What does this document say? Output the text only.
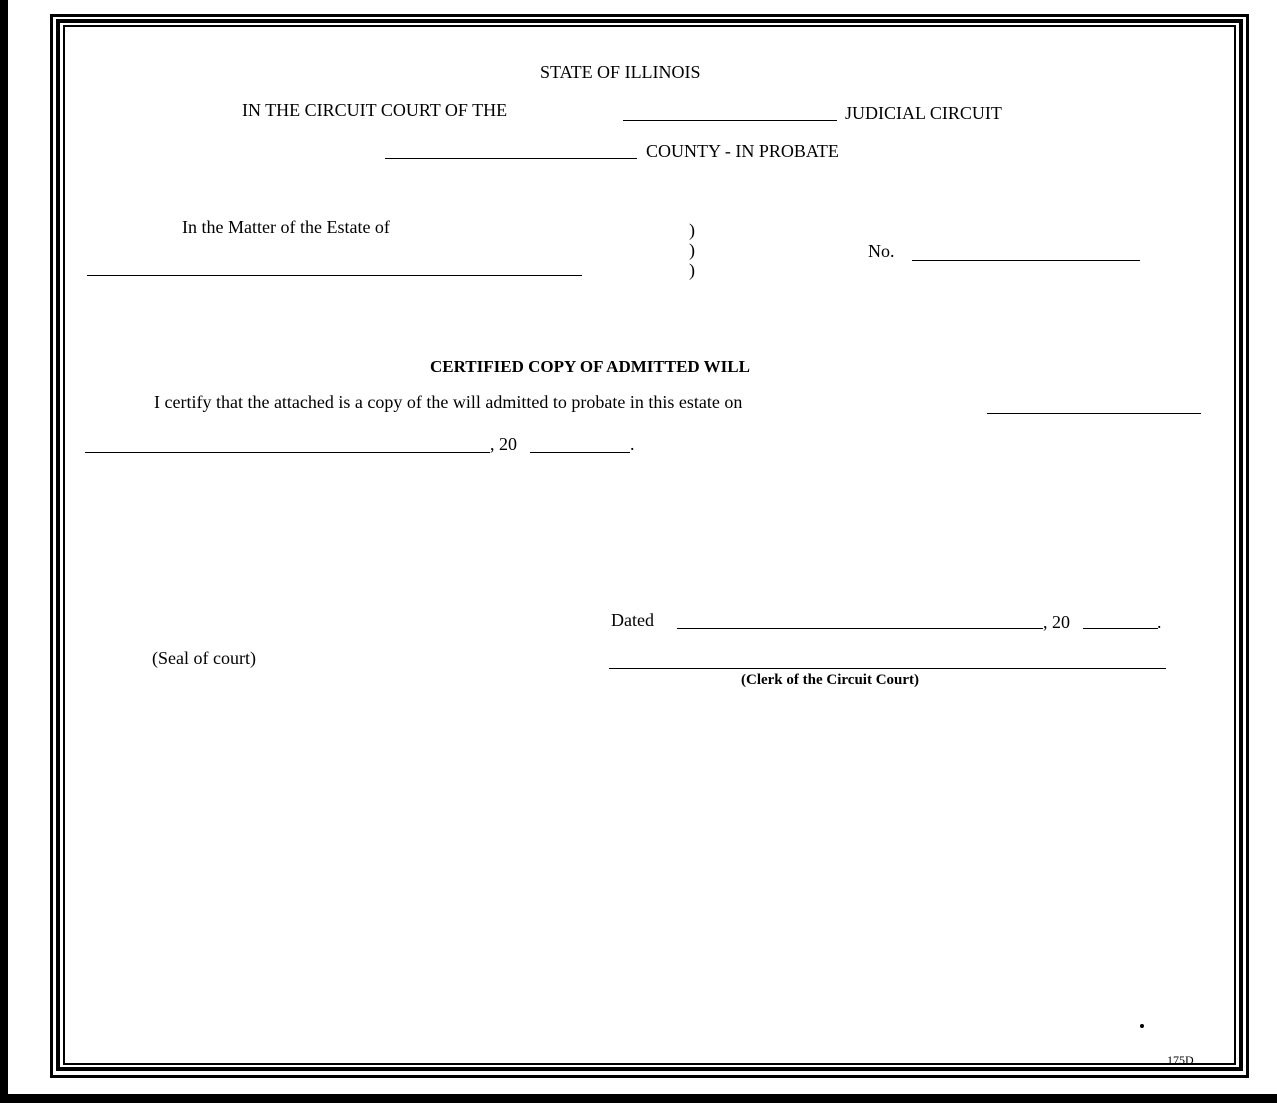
STATE OF ILLINOIS
IN THE CIRCUIT COURT OF THE	JUDICIAL CIRCUIT
COUNTY - IN PROBATE
In the Matter of the Estate of	)
)
)
No.
CERTIFIED COPY OF ADMITTED WILL
I certify that the attached is a copy of the will admitted to probate in this estate on
, 20	.
Dated	, 20	.
(Seal of court)
(Clerk of the Circuit Court)
175D
